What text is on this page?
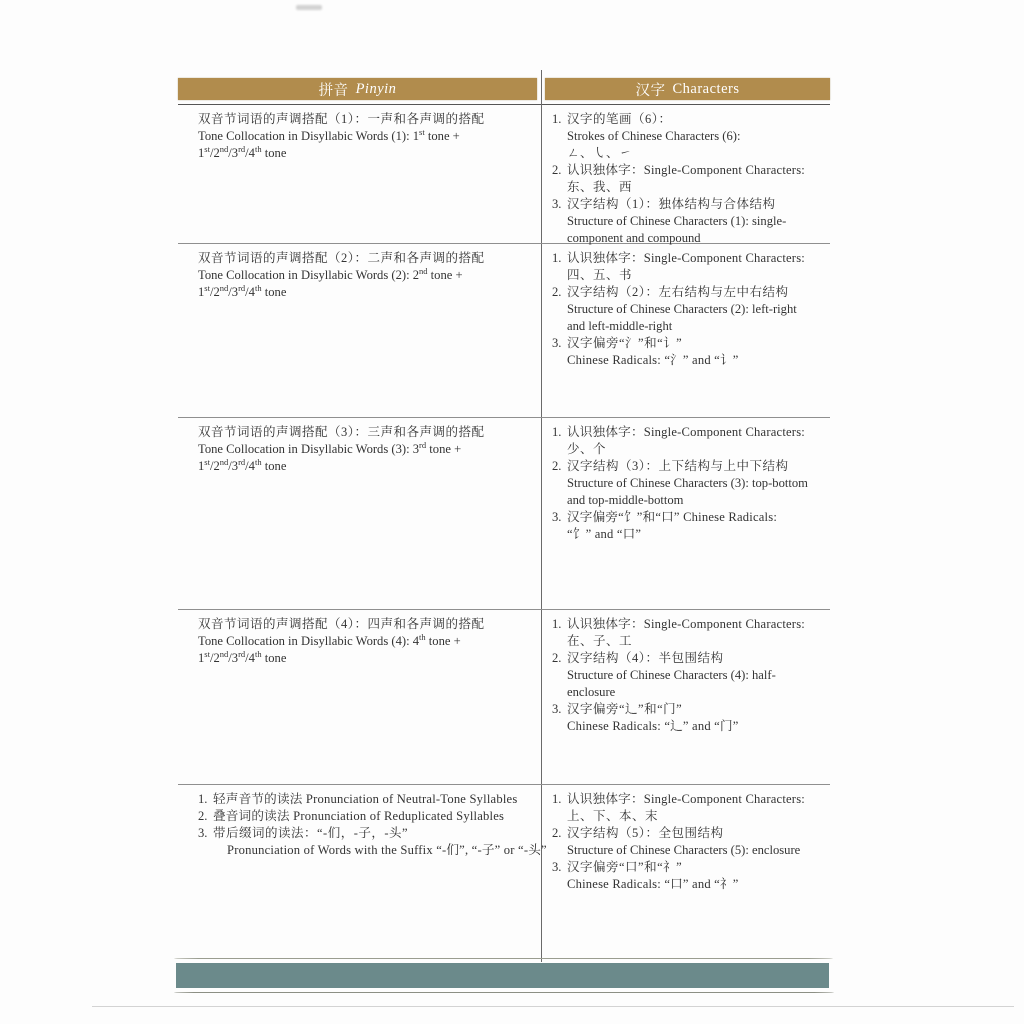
拼音 Pinyin	汉字 Characters
双音节词语的声调搭配（1）：一声和各声调的搭配
Tone Collocation in Disyllabic Words (1): 1st tone +
1st/2nd/3rd/4th tone
1. 汉字的笔画（6）：
Strokes of Chinese Characters (6):
ㄥ、㇂、㇀
2. 认识独体字：Single-Component Characters:
东、我、西
3. 汉字结构（1）：独体结构与合体结构
Structure of Chinese Characters (1): single-
component and compound
双音节词语的声调搭配（2）：二声和各声调的搭配
Tone Collocation in Disyllabic Words (2): 2nd tone +
1st/2nd/3rd/4th tone
1. 认识独体字：Single-Component Characters:
四、五、书
2. 汉字结构（2）：左右结构与左中右结构
Structure of Chinese Characters (2): left-right
and left-middle-right
3. 汉字偏旁“氵”和“讠”
Chinese Radicals: “氵” and “讠”
双音节词语的声调搭配（3）：三声和各声调的搭配
Tone Collocation in Disyllabic Words (3): 3rd tone +
1st/2nd/3rd/4th tone
1. 认识独体字：Single-Component Characters:
少、个
2. 汉字结构（3）：上下结构与上中下结构
Structure of Chinese Characters (3): top-bottom
and top-middle-bottom
3. 汉字偏旁“饣”和“口” Chinese Radicals:
“饣” and “口”
双音节词语的声调搭配（4）：四声和各声调的搭配
Tone Collocation in Disyllabic Words (4): 4th tone +
1st/2nd/3rd/4th tone
1. 认识独体字：Single-Component Characters:
在、子、工
2. 汉字结构（4）：半包围结构
Structure of Chinese Characters (4): half-
enclosure
3. 汉字偏旁“辶”和“门”
Chinese Radicals: “辶” and “门”
1. 轻声音节的读法 Pronunciation of Neutral-Tone Syllables
2. 叠音词的读法 Pronunciation of Reduplicated Syllables
3. 带后缀词的读法：“-们，-子，-头”
Pronunciation of Words with the Suffix “-们”, “-子” or “-头”
1. 认识独体字：Single-Component Characters:
上、下、本、末
2. 汉字结构（5）：全包围结构
Structure of Chinese Characters (5): enclosure
3. 汉字偏旁“口”和“礻”
Chinese Radicals: “口” and “礻”
